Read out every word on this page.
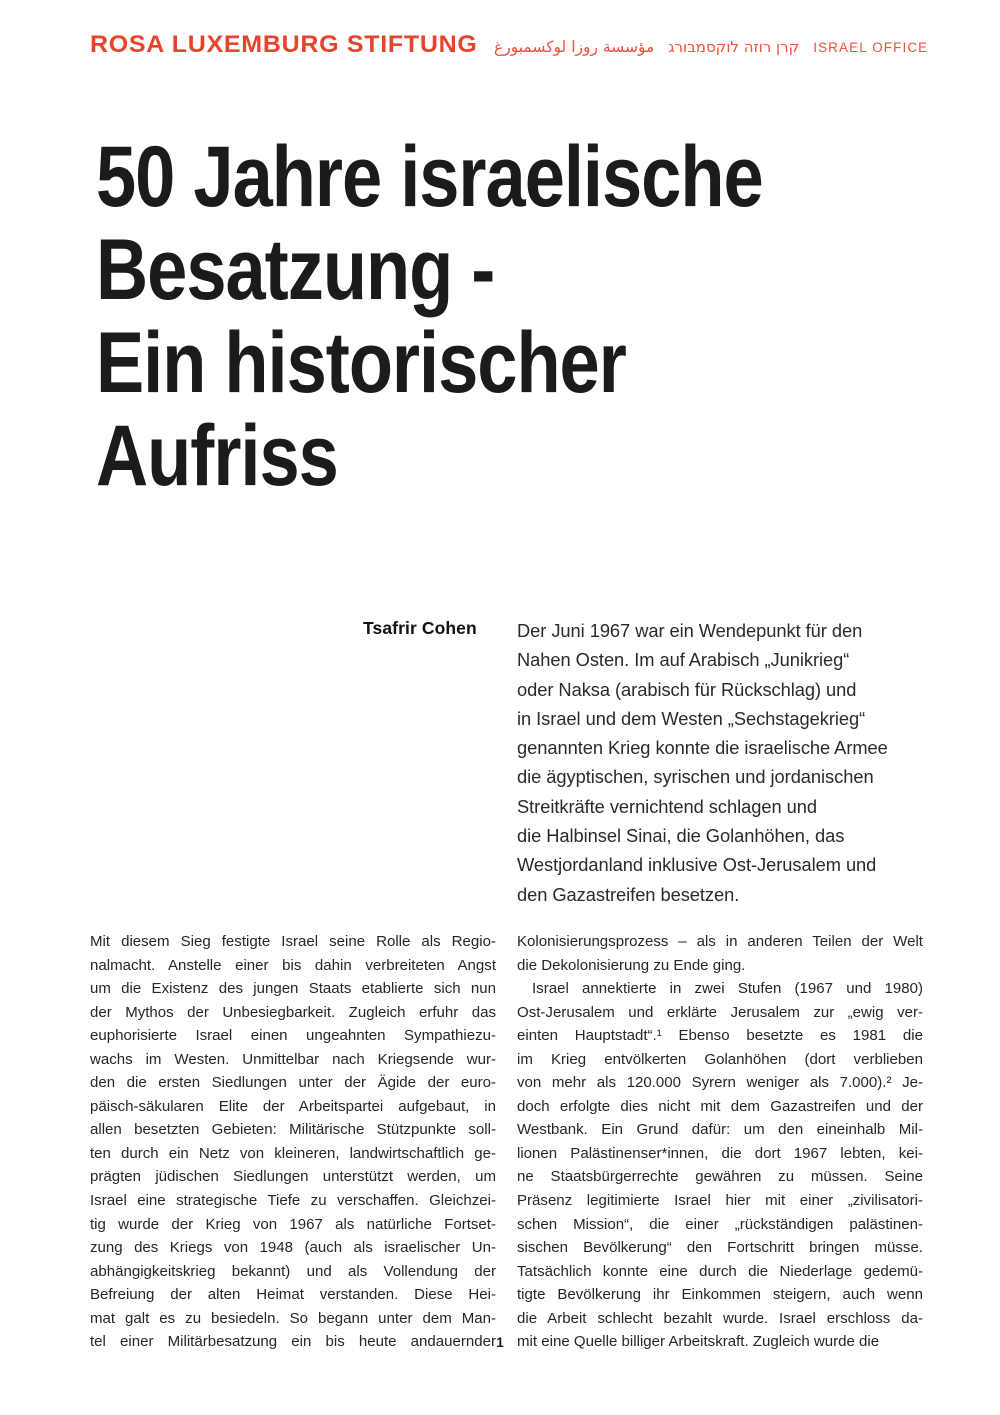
ROSA LUXEMBURG STIFTUNG مؤسسة روزا لوكسمبورغ קרן רוזה לוקסמבורג ISRAEL OFFICE
50 Jahre israelische
Besatzung -
Ein historischer
Aufriss
Tsafrir Cohen	Der Juni 1967 war ein Wendepunkt für den
Nahen Osten. Im auf Arabisch „Junikrieg“
oder Naksa (arabisch für Rückschlag) und
in Israel und dem Westen „Sechstagekrieg“
genannten Krieg konnte die israelische Armee
die ägyptischen, syrischen und jordanischen
Streitkräfte vernichtend schlagen und
die Halbinsel Sinai, die Golanhöhen, das
Westjordanland inklusive Ost-Jerusalem und
den Gazastreifen besetzen.

Mit diesem Sieg festigte Israel seine Rolle als Regio-
nalmacht. Anstelle einer bis dahin verbreiteten Angst
um die Existenz des jungen Staats etablierte sich nun
der Mythos der Unbesiegbarkeit. Zugleich erfuhr das
euphorisierte Israel einen ungeahnten Sympathiezu-
wachs im Westen. Unmittelbar nach Kriegsende wur-
den die ersten Siedlungen unter der Ägide der euro-
päisch-säkularen Elite der Arbeitspartei aufgebaut, in
allen besetzten Gebieten: Militärische Stützpunkte soll-
ten durch ein Netz von kleineren, landwirtschaftlich ge-
prägten jüdischen Siedlungen unterstützt werden, um
Israel eine strategische Tiefe zu verschaffen. Gleichzei-
tig wurde der Krieg von 1967 als natürliche Fortset-
zung des Kriegs von 1948 (auch als israelischer Un-
abhängigkeitskrieg bekannt) und als Vollendung der
Befreiung der alten Heimat verstanden. Diese Hei-
mat galt es zu besiedeln. So begann unter dem Man-
tel einer Militärbesatzung ein bis heute andauernder

Kolonisierungsprozess – als in anderen Teilen der Welt
die Dekolonisierung zu Ende ging.
Israel annektierte in zwei Stufen (1967 und 1980)
Ost-Jerusalem und erklärte Jerusalem zur „ewig ver-
einten Hauptstadt“.¹ Ebenso besetzte es 1981 die
im Krieg entvölkerten Golanhöhen (dort verblieben
von mehr als 120.000 Syrern weniger als 7.000).² Je-
doch erfolgte dies nicht mit dem Gazastreifen und der
Westbank. Ein Grund dafür: um den eineinhalb Mil-
lionen Palästinenser*innen, die dort 1967 lebten, kei-
ne Staatsbürgerrechte gewähren zu müssen. Seine
Präsenz legitimierte Israel hier mit einer „zivilisatori-
schen Mission“, die einer „rückständigen palästinen-
sischen Bevölkerung“ den Fortschritt bringen müsse.
Tatsächlich konnte eine durch die Niederlage gedemü-
tigte Bevölkerung ihr Einkommen steigern, auch wenn
die Arbeit schlecht bezahlt wurde. Israel erschloss da-
mit eine Quelle billiger Arbeitskraft. Zugleich wurde die

1
